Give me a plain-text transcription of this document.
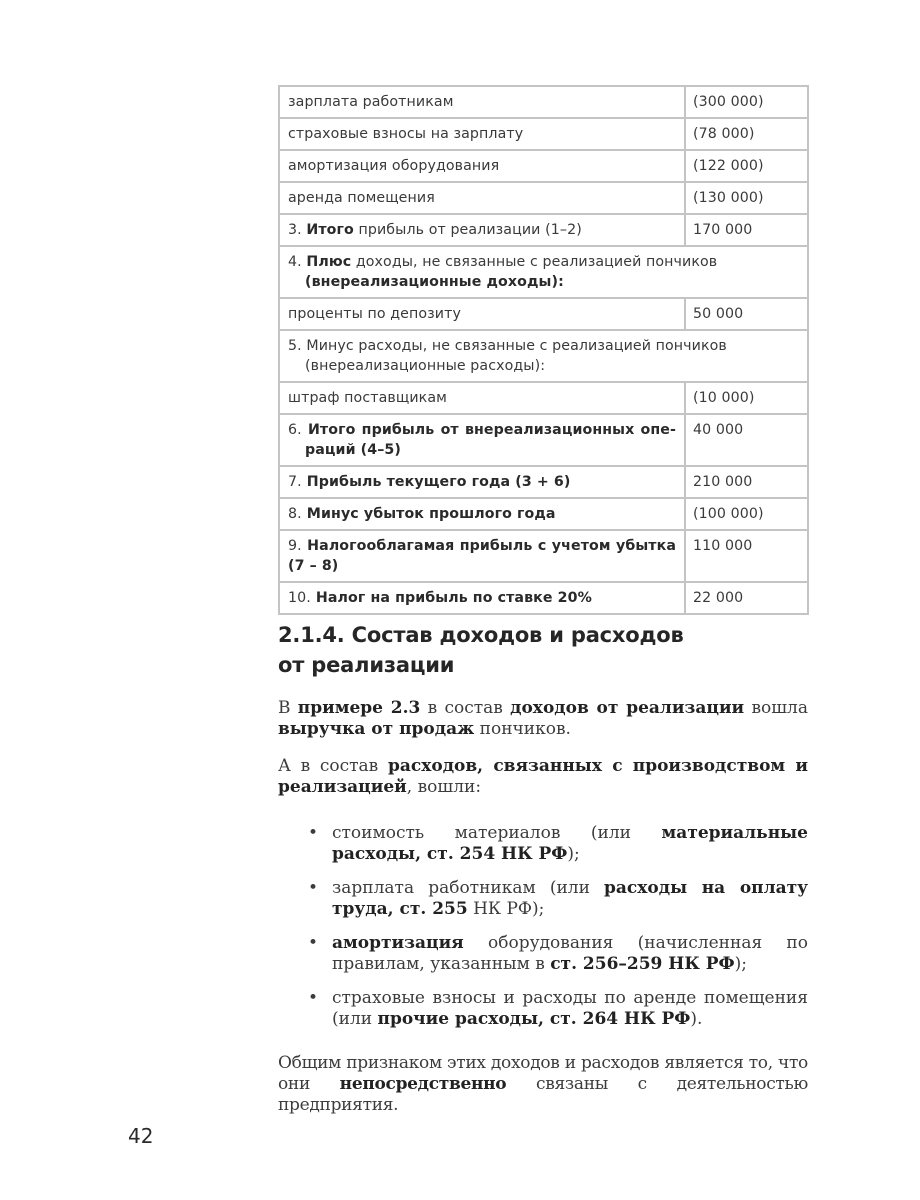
зарплата работникам	(300 000)
страховые взносы на зарплату	(78 000)
амортизация оборудования	(122 000)
аренда помещения	(130 000)
3. Итого прибыль от реализации (1–2)	170 000
4. Плюс доходы, не связанные с реализацией пончиков
(внереализационные доходы):	

проценты по депозиту	50 000
5. Минус расходы, не связанные с реализацией пончиков
(внереализационные расходы):	

штраф поставщикам	(10 000)

6. Итого прибыль от внереализационных опе-
раций (4–5)	40 000
7. Прибыль текущего года (3 + 6)	210 000
8. Минус убыток прошлого года	(100 000)

9. Налогооблагамая прибыль с учетом убытка
(7 – 8)	110 000
10. Налог на прибыль по ставке 20%	22 000
2.1.4. Состав доходов и расходов
от реализации

В примере 2.3 в состав доходов от реализации вошла выручка от продаж пончиков.

А в состав расходов, связанных с производством и реализацией, вошли:

• стоимость материалов (или материальные расходы, ст. 254 НК РФ);
• зарплата работникам (или расходы на оплату труда, ст. 255 НК РФ);
• амортизация оборудования (начисленная по правилам, указанным в ст. 256–259 НК РФ);
• страховые взносы и расходы по аренде помещения (или прочие расходы, ст. 264 НК РФ).

Общим признаком этих доходов и расходов является то, что они непосредственно связаны с деятельностью предприятия.

42
